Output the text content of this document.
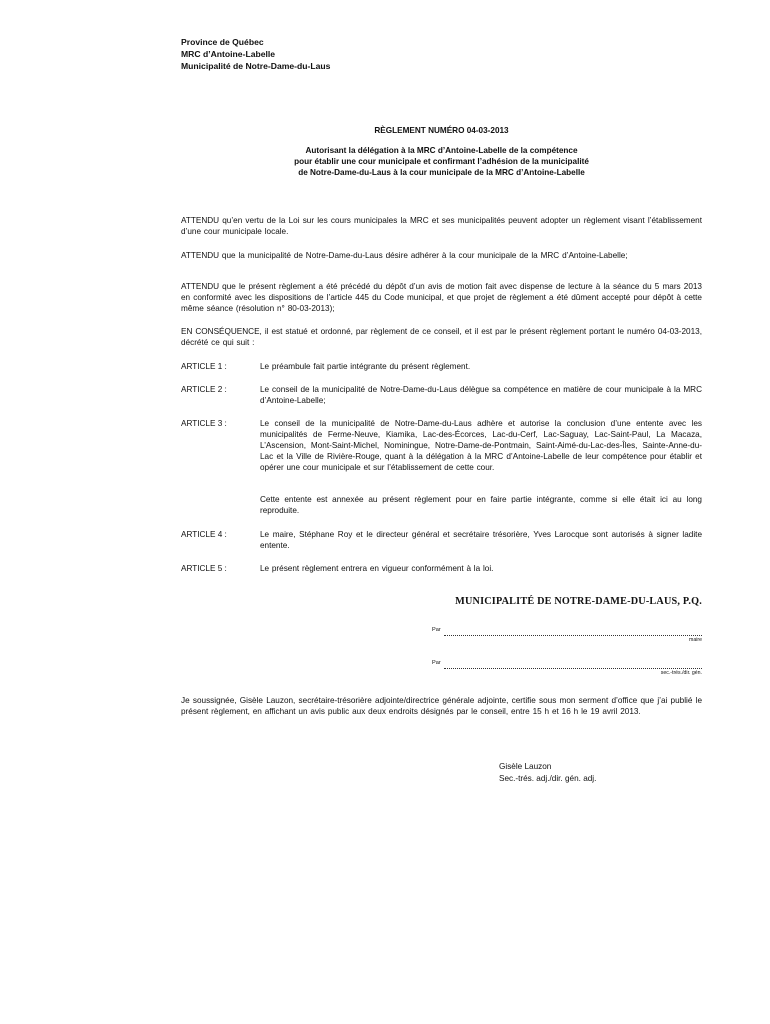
Province de Québec
MRC d’Antoine-Labelle
Municipalité de Notre-Dame-du-Laus
RÈGLEMENT NUMÉRO 04-03-2013
Autorisant la délégation à la MRC d’Antoine-Labelle de la compétence
pour établir une cour municipale et confirmant l’adhésion de la municipalité
de Notre-Dame-du-Laus à la cour municipale de la MRC d’Antoine-Labelle
ATTENDU qu’en vertu de la Loi sur les cours municipales la MRC et ses municipalités peuvent adopter un règlement visant l’établissement d’une cour municipale locale.
ATTENDU que la municipalité de Notre-Dame-du-Laus désire adhérer à la cour municipale de la MRC d’Antoine-Labelle;
ATTENDU que le présent règlement a été précédé du dépôt d’un avis de motion fait avec dispense de lecture à la séance du 5 mars 2013 en conformité avec les dispositions de l’article 445 du Code municipal, et que projet de règlement a été dûment accepté pour dépôt à cette même séance (résolution n° 80-03-2013);
EN CONSÉQUENCE, il est statué et ordonné, par règlement de ce conseil, et il est par le présent règlement portant le numéro 04-03-2013, décrété ce qui suit :
ARTICLE 1 :	Le préambule fait partie intégrante du présent règlement.
ARTICLE 2 :	Le conseil de la municipalité de Notre-Dame-du-Laus délègue sa compétence en matière de cour municipale à la MRC d’Antoine-Labelle;
ARTICLE 3 :	Le conseil de la municipalité de Notre-Dame-du-Laus adhère et autorise la conclusion d’une entente avec les municipalités de Ferme-Neuve, Kiamika, Lac-des-Écorces, Lac-du-Cerf, Lac-Saguay, Lac-Saint-Paul, La Macaza, L’Ascension, Mont-Saint-Michel, Nominingue, Notre-Dame-de-Pontmain, Saint-Aimé-du-Lac-des-Îles, Sainte-Anne-du-Lac et la Ville de Rivière-Rouge, quant à la délégation à la MRC d’Antoine-Labelle de leur compétence pour établir et opérer une cour municipale et sur l’établissement de cette cour.
Cette entente est annexée au présent règlement pour en faire partie intégrante, comme si elle était ici au long reproduite.
ARTICLE 4 :	Le maire, Stéphane Roy et le directeur général et secrétaire trésorière, Yves Larocque sont autorisés à signer ladite entente.
ARTICLE 5 :	Le présent règlement entrera en vigueur conformément à la loi.
MUNICIPALITÉ DE NOTRE-DAME-DU-LAUS, P.Q.
Par
maire
Par
sec.-trés./dir. gén.
Je soussignée, Gisèle Lauzon, secrétaire-trésorière adjointe/directrice générale adjointe, certifie sous mon serment d’office que j’ai publié le présent règlement, en affichant un avis public aux deux endroits désignés par le conseil, entre 15 h et 16 h le 19 avril 2013.
Gisèle Lauzon
Sec.-trés. adj./dir. gén. adj.
